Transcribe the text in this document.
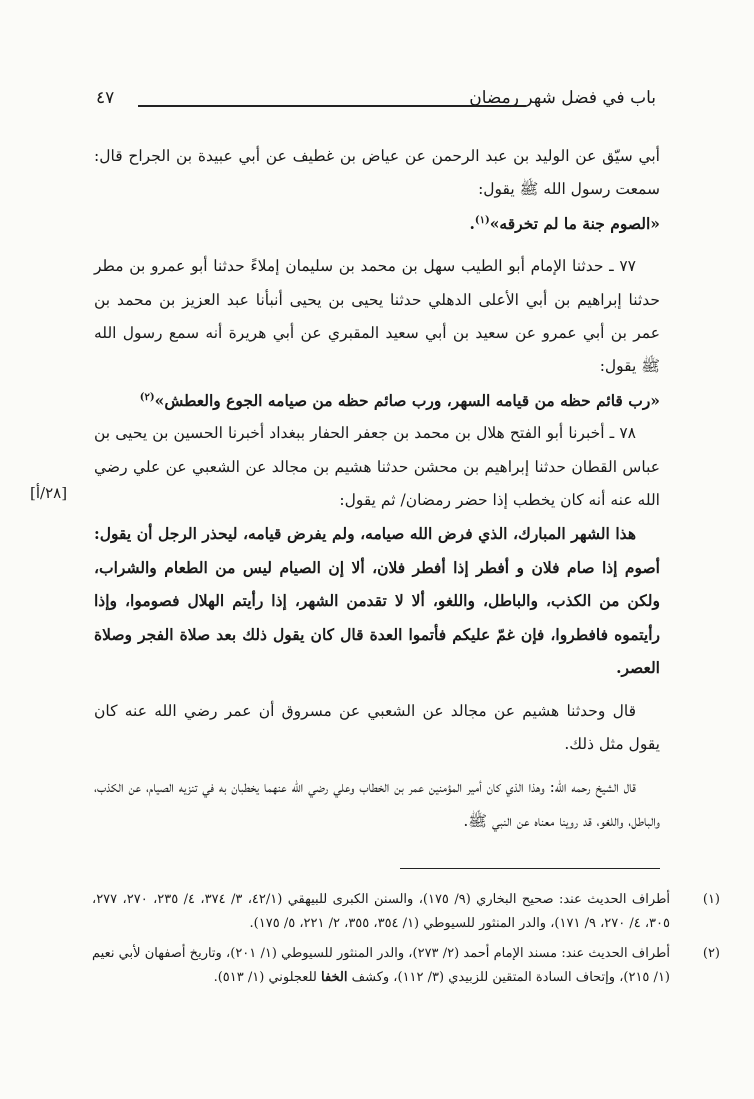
باب في فضل شهر رمضان
٤٧
[٢٨/أ]

أبي سيّق عن الوليد بن عبد الرحمن عن عياض بن غطيف عن أبي عبيدة بن الجراح قال: سمعت رسول الله ﷺ يقول:

«الصوم جنة ما لم تخرقه»$^{(١)}$.

٧٧ ـ حدثنا الإمام أبو الطيب سهل بن محمد بن سليمان إملاءً حدثنا أبو عمرو بن مطر حدثنا إبراهيم بن أبي الأعلى الدهلي حدثنا يحيى بن يحيى أنبأنا عبد العزيز بن محمد بن عمر بن أبي عمرو عن سعيد بن أبي سعيد المقبري عن أبي هريرة أنه سمع رسول الله ﷺ يقول:

«رب قائم حظه من قيامه السهر، ورب صائم حظه من صيامه الجوع والعطش»$^{(٢)}$

٧٨ ـ أخبرنا أبو الفتح هلال بن محمد بن جعفر الحفار ببغداد أخبرنا الحسين بن يحيى بن عباس القطان حدثنا إبراهيم بن محشن حدثنا هشيم بن مجالد عن الشعبي عن علي رضي الله عنه أنه كان يخطب إذا حضر رمضان/ ثم يقول:

هذا الشهر المبارك، الذي فرض الله صيامه، ولم يفرض قيامه، ليحذر الرجل أن يقول: أصوم إذا صام فلان و أفطر إذا أفطر فلان، ألا إن الصيام ليس من الطعام والشراب، ولكن من الكذب، والباطل، واللغو، ألا لا تقدمن الشهر، إذا رأيتم الهلال فصوموا، وإذا رأيتموه فافطروا، فإن غمّ عليكم فأتموا العدة قال كان يقول ذلك بعد صلاة الفجر وصلاة العصر.

قال وحدثنا هشيم عن مجالد عن الشعبي عن مسروق أن عمر رضي الله عنه كان يقول مثل ذلك.

قال الشيخ رحمه الله: وهذا الذي كان أمير المؤمنين عمر بن الخطاب وعلي رضي الله عنهما يخطبان به في تنزيه الصيام، عن الكذب، والباطل، واللغو، قد روينا معناه عن النبي ﷺ.

(١)
أطراف الحديث عند: صحيح البخاري (٩/ ١٧٥)، والسنن الكبرى للبيهقي (٤٢/١، ٣/ ٣٧٤، ٤/ ٢٣٥، ٢٧٠، ٢٧٧، ٣٠٥، ٤/ ٢٧٠، ٩/ ١٧١)، والدر المنثور للسيوطي (١/ ٣٥٤، ٣٥٥، ٢/ ٢٢١، ٥/ ١٧٥).
(٢)
أطراف الحديث عند: مسند الإمام أحمد (٢/ ٢٧٣)، والدر المنثور للسيوطي (١/ ٢٠١)، وتاريخ أصفهان لأبي نعيم (١/ ٢١٥)، وإتحاف السادة المتقين للزبيدي (٣/ ١١٢)، وكشف الخفا للعجلوني (١/ ٥١٣).
